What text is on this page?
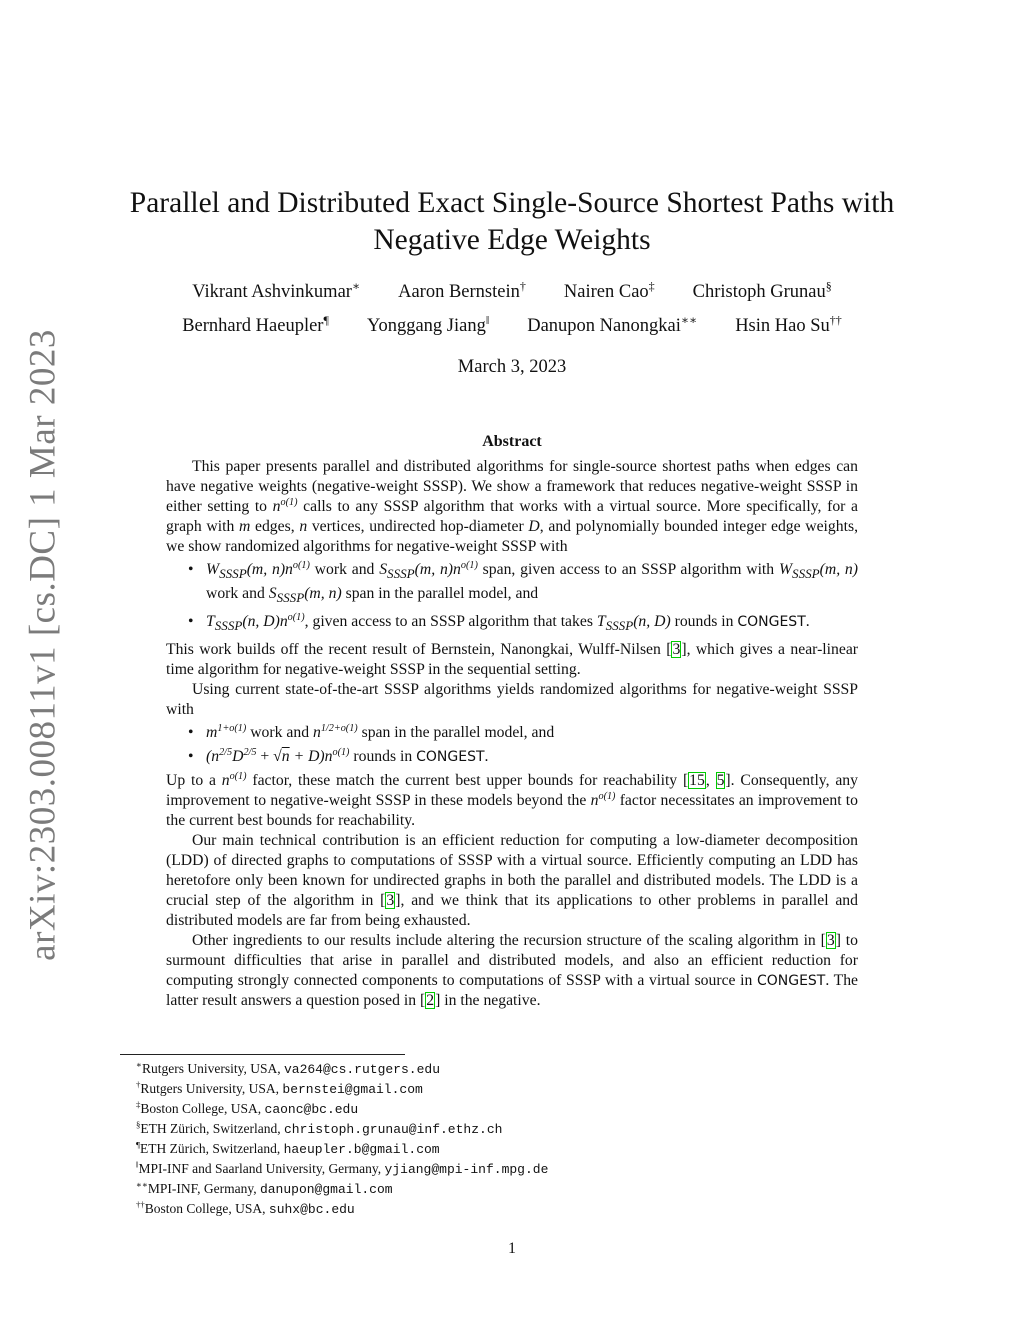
arXiv:2303.00811v1 [cs.DC] 1 Mar 2023
Parallel and Distributed Exact Single-Source Shortest Paths with
Negative Edge Weights
Vikrant Ashvinkumar∗ Aaron Bernstein† Nairen Cao‡ Christoph Grunau§
Bernhard Haeupler¶ Yonggang Jiang‖ Danupon Nanongkai∗∗ Hsin Hao Su††
March 3, 2023
Abstract

This paper presents parallel and distributed algorithms for single-source shortest paths when edges can have negative weights (negative-weight SSSP). We show a framework that reduces negative-weight SSSP in either setting to $n^{o(1)}$ calls to any SSSP algorithm that works with a virtual source. More specifically, for a graph with m edges, n vertices, undirected hop-diameter D, and polynomially bounded integer edge weights, we show randomized algorithms for negative-weight SSSP with

• $W_{SSSP}(m$, $n)n^{o(1)}$ work and $S_{SSSP}(m$, $n)n^{o(1)}$ span, given access to an SSSP algorithm with $W_{SSSP}(m$, n) work and $S_{SSSP}(m$, n) span in the parallel model, and
• $T_{SSSP}(n$, $D)n^{o(1)}$, given access to an SSSP algorithm that takes $T_{SSSP}(n$, D) rounds in CONGEST.

This work builds off the recent result of Bernstein, Nanongkai, Wulff-Nilsen [3], which gives a near-linear time algorithm for negative-weight SSSP in the sequential setting.

Using current state-of-the-art SSSP algorithms yields randomized algorithms for negative-weight SSSP with

• $m^{1+o(1)}$ work and $n^{1/2+o(1)}$ span in the parallel model, and
• $(n^{2/5}D^{2/5} + √n + D)n^{o(1)}$ rounds in CONGEST.

Up to a $n^{o(1)}$ factor, these match the current best upper bounds for reachability [15, 5]. Consequently, any improvement to negative-weight SSSP in these models beyond the $n^{o(1)}$ factor necessitates an improvement to the current best bounds for reachability.

Our main technical contribution is an efficient reduction for computing a low-diameter decomposition (LDD) of directed graphs to computations of SSSP with a virtual source. Efficiently computing an LDD has heretofore only been known for undirected graphs in both the parallel and distributed models. The LDD is a crucial step of the algorithm in [3], and we think that its applications to other problems in parallel and distributed models are far from being exhausted.

Other ingredients to our results include altering the recursion structure of the scaling algorithm in [3] to surmount difficulties that arise in parallel and distributed models, and also an efficient reduction for computing strongly connected components to computations of SSSP with a virtual source in CONGEST. The latter result answers a question posed in [2] in the negative.

∗Rutgers University, USA, va264@cs.rutgers.edu
†Rutgers University, USA, bernstei@gmail.com
‡Boston College, USA, caonc@bc.edu
§ETH Zürich, Switzerland, christoph.grunau@inf.ethz.ch
¶ETH Zürich, Switzerland, haeupler.b@gmail.com
‖MPI-INF and Saarland University, Germany, yjiang@mpi-inf.mpg.de
∗∗MPI-INF, Germany, danupon@gmail.com
††Boston College, USA, suhx@bc.edu
1
